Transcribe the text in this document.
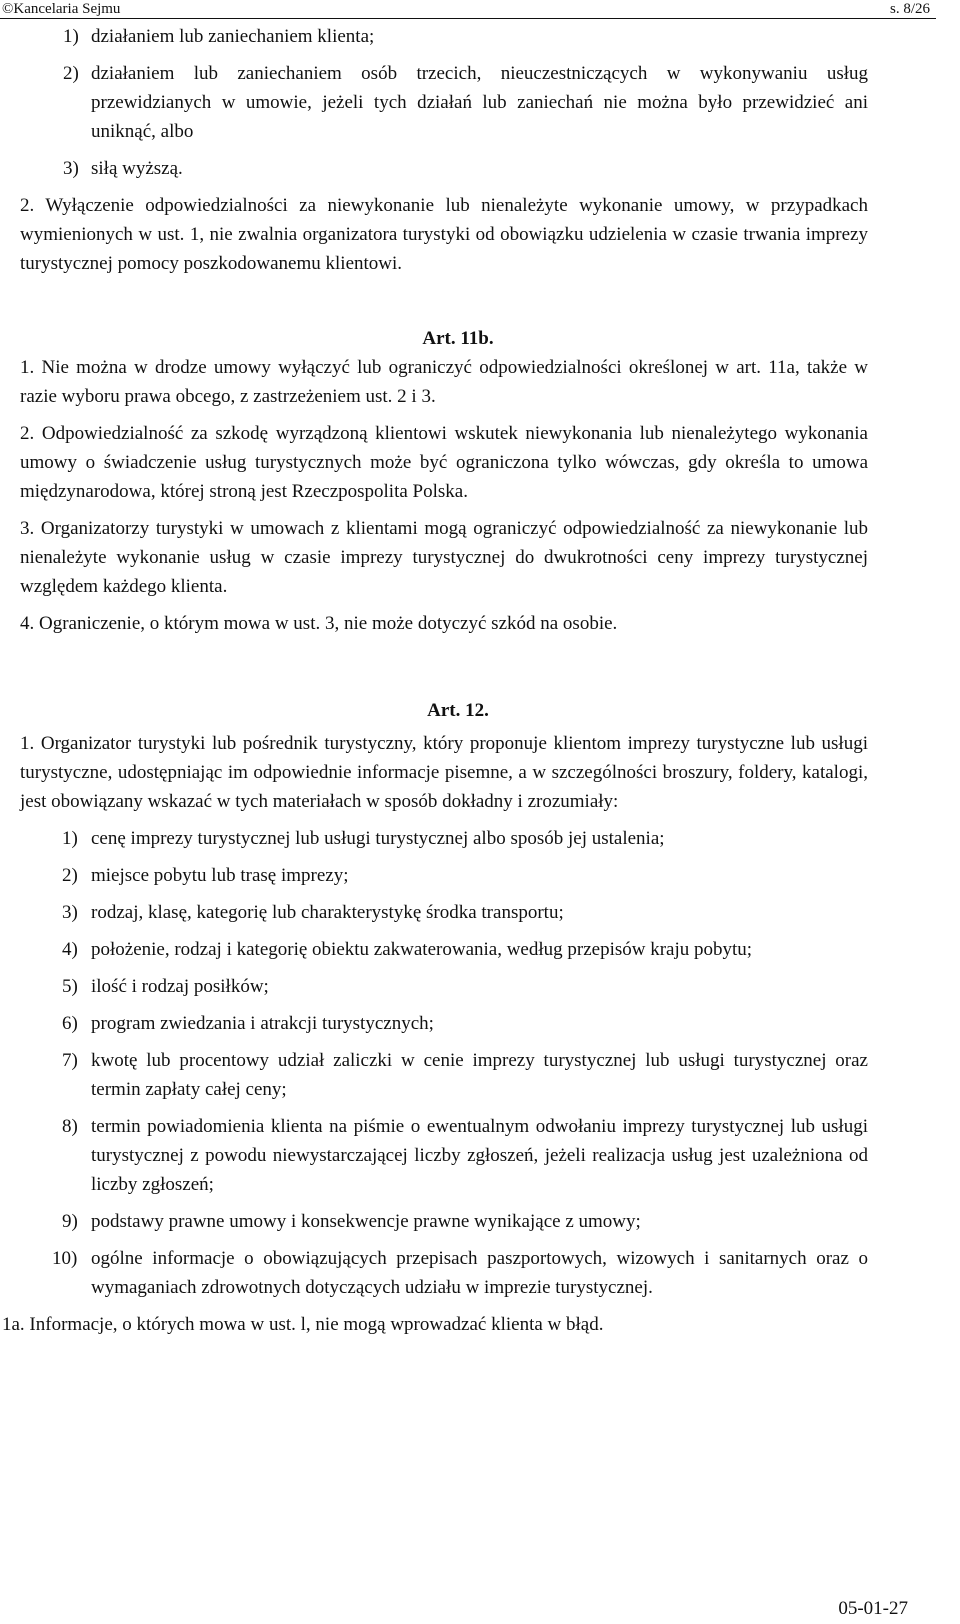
©Kancelaria Sejmu	s. 8/26
1) działaniem lub zaniechaniem klienta;
2) działaniem lub zaniechaniem osób trzecich, nieuczestniczących w wykonywaniu usług przewidzianych w umowie, jeżeli tych działań lub zaniechań nie można było przewidzieć ani uniknąć, albo
3) siłą wyższą.

2. Wyłączenie odpowiedzialności za niewykonanie lub nienależyte wykonanie umowy, w przypadkach wymienionych w ust. 1, nie zwalnia organizatora turystyki od obowiązku udzielenia w czasie trwania imprezy turystycznej pomocy poszkodowanemu klientowi.

Art. 11b.

1. Nie można w drodze umowy wyłączyć lub ograniczyć odpowiedzialności określonej w art. 11a, także w razie wyboru prawa obcego, z zastrzeżeniem ust. 2 i 3.

2. Odpowiedzialność za szkodę wyrządzoną klientowi wskutek niewykonania lub nienależytego wykonania umowy o świadczenie usług turystycznych może być ograniczona tylko wówczas, gdy określa to umowa międzynarodowa, której stroną jest Rzeczpospolita Polska.

3. Organizatorzy turystyki w umowach z klientami mogą ograniczyć odpowiedzialność za niewykonanie lub nienależyte wykonanie usług w czasie imprezy turystycznej do dwukrotności ceny imprezy turystycznej względem każdego klienta.

4. Ograniczenie, o którym mowa w ust. 3, nie może dotyczyć szkód na osobie.

Art. 12.

1. Organizator turystyki lub pośrednik turystyczny, który proponuje klientom imprezy turystyczne lub usługi turystyczne, udostępniając im odpowiednie informacje pisemne, a w szczególności broszury, foldery, katalogi, jest obowiązany wskazać w tych materiałach w sposób dokładny i zrozumiały:

1) cenę imprezy turystycznej lub usługi turystycznej albo sposób jej ustalenia;
2) miejsce pobytu lub trasę imprezy;
3) rodzaj, klasę, kategorię lub charakterystykę środka transportu;
4) położenie, rodzaj i kategorię obiektu zakwaterowania, według przepisów kraju pobytu;
5) ilość i rodzaj posiłków;
6) program zwiedzania i atrakcji turystycznych;
7) kwotę lub procentowy udział zaliczki w cenie imprezy turystycznej lub usługi turystycznej oraz termin zapłaty całej ceny;
8) termin powiadomienia klienta na piśmie o ewentualnym odwołaniu imprezy turystycznej lub usługi turystycznej z powodu niewystarczającej liczby zgłoszeń, jeżeli realizacja usług jest uzależniona od liczby zgłoszeń;
9) podstawy prawne umowy i konsekwencje prawne wynikające z umowy;
10) ogólne informacje o obowiązujących przepisach paszportowych, wizowych i sanitarnych oraz o wymaganiach zdrowotnych dotyczących udziału w imprezie turystycznej.

1a. Informacje, o których mowa w ust. l, nie mogą wprowadzać klienta w błąd.

05-01-27
